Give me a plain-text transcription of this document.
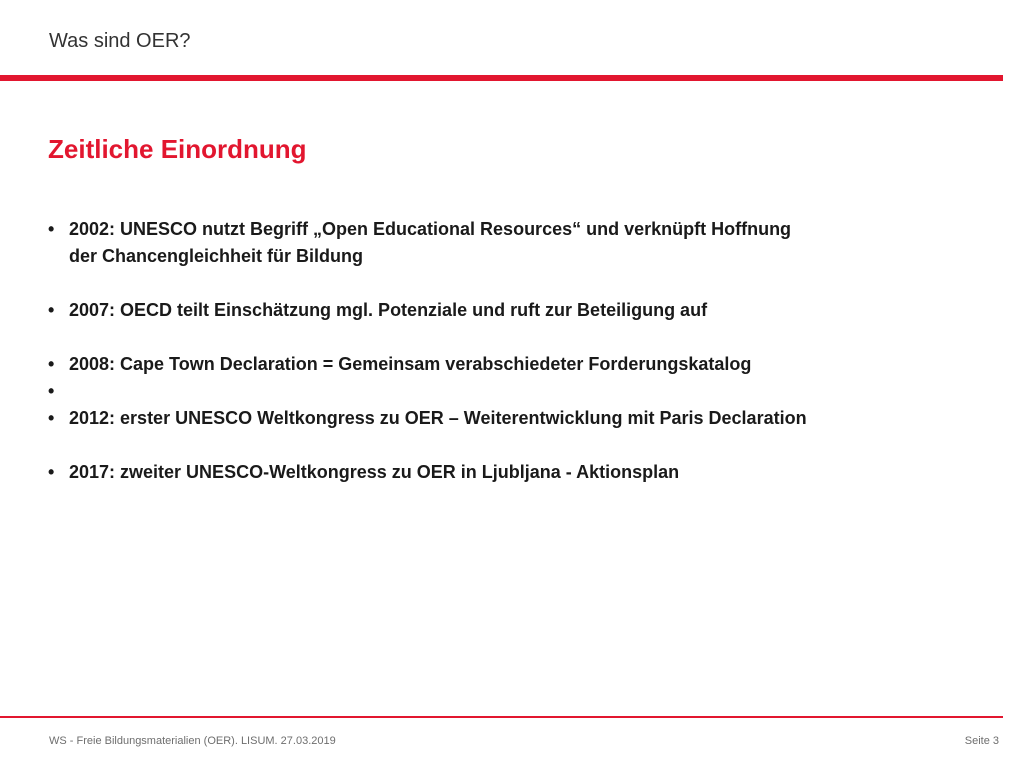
Was sind OER?
Zeitliche Einordnung
• 2002: UNESCO nutzt Begriff „Open Educational Resources“ und verknüpft Hoffnung der Chancengleichheit für Bildung
• 2007: OECD teilt Einschätzung mgl. Potenziale und ruft zur Beteiligung auf
• 2008: Cape Town Declaration = Gemeinsam verabschiedeter Forderungskatalog
•
• 2012: erster UNESCO Weltkongress zu OER – Weiterentwicklung mit Paris Declaration
• 2017: zweiter UNESCO-Weltkongress zu OER in Ljubljana - Aktionsplan
WS - Freie Bildungsmaterialien (OER). LISUM. 27.03.2019	Seite 3
